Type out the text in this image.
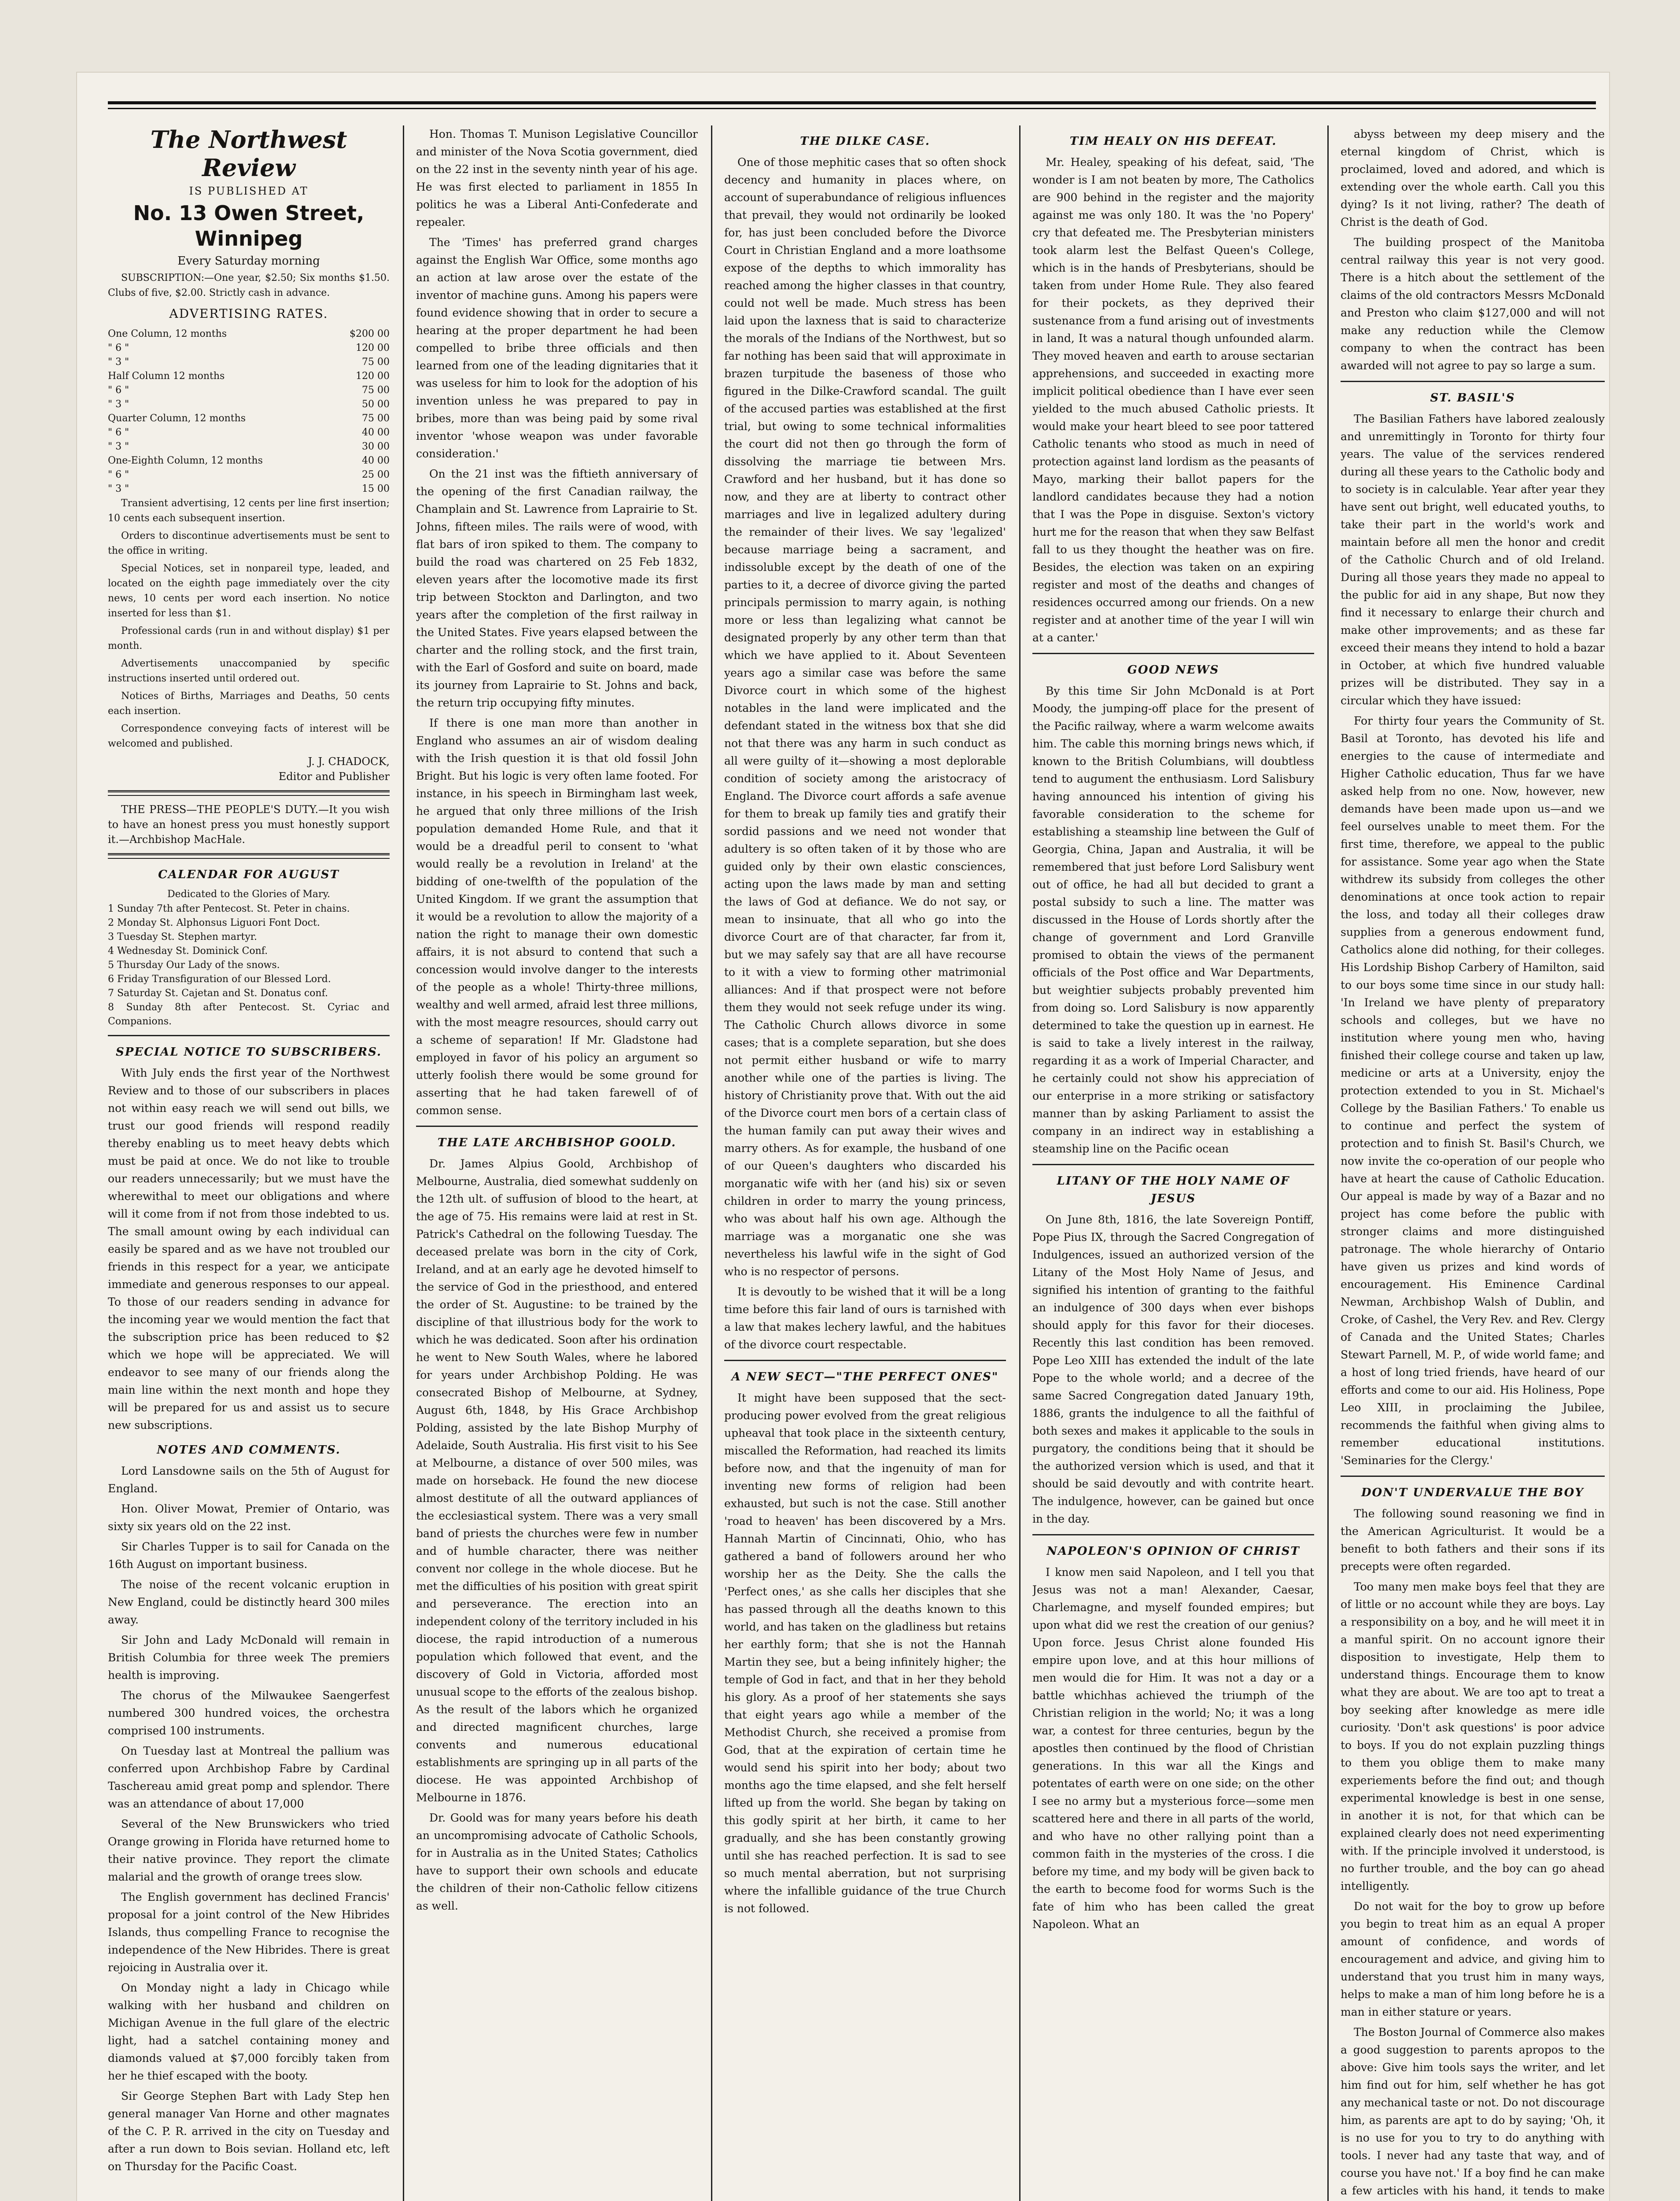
The Northwest Review
IS PUBLISHED AT
No. 13 Owen Street, Winnipeg
Every Saturday morning

SUBSCRIPTION:—One year, $2.50; Six months $1.50. Clubs of five, $2.00. Strictly cash in advance.

ADVERTISING RATES.
One Column, 12 months	$200 00
" 6 "	120 00
" 3 "	75 00
Half Column 12 months	120 00
" 6 "	75 00
" 3 "	50 00
Quarter Column, 12 months	75 00
" 6 "	40 00
" 3 "	30 00
One-Eighth Column, 12 months	40 00
" 6 "	25 00
" 3 "	15 00

Transient advertising, 12 cents per line first insertion; 10 cents each subsequent insertion.

Orders to discontinue advertisements must be sent to the office in writing.

Special Notices, set in nonpareil type, leaded, and located on the eighth page immediately over the city news, 10 cents per word each insertion. No notice inserted for less than $1.

Professional cards (run in and without display) $1 per month.

Advertisements unaccompanied by specific instructions inserted until ordered out.

Notices of Births, Marriages and Deaths, 50 cents each insertion.

Correspondence conveying facts of interest will be welcomed and published.

J. J. CHADOCK,
Editor and Publisher

THE PRESS—THE PEOPLE'S DUTY.—It you wish to have an honest press you must honestly support it.—Archbishop MacHale.

CALENDAR FOR AUGUST
Dedicated to the Glories of Mary.
1 Sunday 7th after Pentecost. St. Peter in chains.
2 Monday St. Alphonsus Liguori Font Doct.
3 Tuesday St. Stephen martyr.
4 Wednesday St. Dominick Conf.
5 Thursday Our Lady of the snows.
6 Friday Transfiguration of our Blessed Lord.
7 Saturday St. Cajetan and St. Donatus conf.
8 Sunday 8th after Pentecost. St. Cyriac and Companions.
SPECIAL NOTICE TO SUBSCRIBERS.

With July ends the first year of the Northwest Review and to those of our subscribers in places not within easy reach we will send out bills, we trust our good friends will respond readily thereby enabling us to meet heavy debts which must be paid at once. We do not like to trouble our readers unnecessarily; but we must have the wherewithal to meet our obligations and where will it come from if not from those indebted to us. The small amount owing by each individual can easily be spared and as we have not troubled our friends in this respect for a year, we anticipate immediate and generous responses to our appeal. To those of our readers sending in advance for the incoming year we would mention the fact that the subscription price has been reduced to $2 which we hope will be appreciated. We will endeavor to see many of our friends along the main line within the next month and hope they will be prepared for us and assist us to secure new subscriptions.

NOTES AND COMMENTS.

Lord Lansdowne sails on the 5th of August for England.

Hon. Oliver Mowat, Premier of Ontario, was sixty six years old on the 22 inst.

Sir Charles Tupper is to sail for Canada on the 16th August on important business.

The noise of the recent volcanic eruption in New England, could be distinctly heard 300 miles away.

Sir John and Lady McDonald will remain in British Columbia for three week The premiers health is improving.

The chorus of the Milwaukee Saengerfest numbered 300 hundred voices, the orchestra comprised 100 instruments.

On Tuesday last at Montreal the pallium was conferred upon Archbishop Fabre by Cardinal Taschereau amid great pomp and splendor. There was an attendance of about 17,000

Several of the New Brunswickers who tried Orange growing in Florida have returned home to their native province. They report the climate malarial and the growth of orange trees slow.

The English government has declined Francis' proposal for a joint control of the New Hibrides Islands, thus compelling France to recognise the independence of the New Hibrides. There is great rejoicing in Australia over it.

On Monday night a lady in Chicago while walking with her husband and children on Michigan Avenue in the full glare of the electric light, had a satchel containing money and diamonds valued at $7,000 forcibly taken from her he thief escaped with the booty.

Sir George Stephen Bart with Lady Step hen general manager Van Horne and other magnates of the C. P. R. arrived in the city on Tuesday and after a run down to Bois sevian. Holland etc, left on Thursday for the Pacific Coast.

Hon. Thomas T. Munison Legislative Councillor and minister of the Nova Scotia government, died on the 22 inst in the seventy ninth year of his age. He was first elected to parliament in 1855 In politics he was a Liberal Anti-Confederate and repealer.

The 'Times' has preferred grand charges against the English War Office, some months ago an action at law arose over the estate of the inventor of machine guns. Among his papers were found evidence showing that in order to secure a hearing at the proper department he had been compelled to bribe three officials and then learned from one of the leading dignitaries that it was useless for him to look for the adoption of his invention unless he was prepared to pay in bribes, more than was being paid by some rival inventor 'whose weapon was under favorable consideration.'

On the 21 inst was the fiftieth anniversary of the opening of the first Canadian railway, the Champlain and St. Lawrence from Laprairie to St. Johns, fifteen miles. The rails were of wood, with flat bars of iron spiked to them. The company to build the road was chartered on 25 Feb 1832, eleven years after the locomotive made its first trip between Stockton and Darlington, and two years after the completion of the first railway in the United States. Five years elapsed between the charter and the rolling stock, and the first train, with the Earl of Gosford and suite on board, made its journey from Laprairie to St. Johns and back, the return trip occupying fifty minutes.

If there is one man more than another in England who assumes an air of wisdom dealing with the Irish question it is that old fossil John Bright. But his logic is very often lame footed. For instance, in his speech in Birmingham last week, he argued that only three millions of the Irish population demanded Home Rule, and that it would be a dreadful peril to consent to 'what would really be a revolution in Ireland' at the bidding of one-twelfth of the population of the United Kingdom. If we grant the assumption that it would be a revolution to allow the majority of a nation the right to manage their own domestic affairs, it is not absurd to contend that such a concession would involve danger to the interests of the people as a whole! Thirty-three millions, wealthy and well armed, afraid lest three millions, with the most meagre resources, should carry out a scheme of separation! If Mr. Gladstone had employed in favor of his policy an argument so utterly foolish there would be some ground for asserting that he had taken farewell of of common sense.

THE LATE ARCHBISHOP GOOLD.

Dr. James Alpius Goold, Archbishop of Melbourne, Australia, died somewhat suddenly on the 12th ult. of suffusion of blood to the heart, at the age of 75. His remains were laid at rest in St. Patrick's Cathedral on the following Tuesday. The deceased prelate was born in the city of Cork, Ireland, and at an early age he devoted himself to the service of God in the priesthood, and entered the order of St. Augustine: to be trained by the discipline of that illustrious body for the work to which he was dedicated. Soon after his ordination he went to New South Wales, where he labored for years under Archbishop Polding. He was consecrated Bishop of Melbourne, at Sydney, August 6th, 1848, by His Grace Archbishop Polding, assisted by the late Bishop Murphy of Adelaide, South Australia. His first visit to his See at Melbourne, a distance of over 500 miles, was made on horseback. He found the new diocese almost destitute of all the outward appliances of the ecclesiastical system. There was a very small band of priests the churches were few in number and of humble character, there was neither convent nor college in the whole diocese. But he met the difficulties of his position with great spirit and perseverance. The erection into an independent colony of the territory included in his diocese, the rapid introduction of a numerous population which followed that event, and the discovery of Gold in Victoria, afforded most unusual scope to the efforts of the zealous bishop. As the result of the labors which he organized and directed magnificent churches, large convents and numerous educational establishments are springing up in all parts of the diocese. He was appointed Archbishop of Melbourne in 1876.

Dr. Goold was for many years before his death an uncompromising advocate of Catholic Schools, for in Australia as in the United States; Catholics have to support their own schools and educate the children of their non-Catholic fellow citizens as well.

THE DILKE CASE.

One of those mephitic cases that so often shock decency and humanity in places where, on account of superabundance of religious influences that prevail, they would not ordinarily be looked for, has just been concluded before the Divorce Court in Christian England and a more loathsome expose of the depths to which immorality has reached among the higher classes in that country, could not well be made. Much stress has been laid upon the laxness that is said to characterize the morals of the Indians of the Northwest, but so far nothing has been said that will approximate in brazen turpitude the baseness of those who figured in the Dilke-Crawford scandal. The guilt of the accused parties was established at the first trial, but owing to some technical informalities the court did not then go through the form of dissolving the marriage tie between Mrs. Crawford and her husband, but it has done so now, and they are at liberty to contract other marriages and live in legalized adultery during the remainder of their lives. We say 'legalized' because marriage being a sacrament, and indissoluble except by the death of one of the parties to it, a decree of divorce giving the parted principals permission to marry again, is nothing more or less than legalizing what cannot be designated properly by any other term than that which we have applied to it. About Seventeen years ago a similar case was before the same Divorce court in which some of the highest notables in the land were implicated and the defendant stated in the witness box that she did not that there was any harm in such conduct as all were guilty of it—showing a most deplorable condition of society among the aristocracy of England. The Divorce court affords a safe avenue for them to break up family ties and gratify their sordid passions and we need not wonder that adultery is so often taken of it by those who are guided only by their own elastic consciences, acting upon the laws made by man and setting the laws of God at defiance. We do not say, or mean to insinuate, that all who go into the divorce Court are of that character, far from it, but we may safely say that are all have recourse to it with a view to forming other matrimonial alliances: And if that prospect were not before them they would not seek refuge under its wing. The Catholic Church allows divorce in some cases; that is a complete separation, but she does not permit either husband or wife to marry another while one of the parties is living. The history of Christianity prove that. With out the aid of the Divorce court men bors of a certain class of the human family can put away their wives and marry others. As for example, the husband of one of our Queen's daughters who discarded his morganatic wife with her (and his) six or seven children in order to marry the young princess, who was about half his own age. Although the marriage was a morganatic one she was nevertheless his lawful wife in the sight of God who is no respector of persons.

It is devoutly to be wished that it will be a long time before this fair land of ours is tarnished with a law that makes lechery lawful, and the habitues of the divorce court respectable.

A NEW SECT—"THE PERFECT ONES"

It might have been supposed that the sect-producing power evolved from the great religious upheaval that took place in the sixteenth century, miscalled the Reformation, had reached its limits before now, and that the ingenuity of man for inventing new forms of religion had been exhausted, but such is not the case. Still another 'road to heaven' has been discovered by a Mrs. Hannah Martin of Cincinnati, Ohio, who has gathered a band of followers around her who worship her as the Deity. She the calls the 'Perfect ones,' as she calls her disciples that she has passed through all the deaths known to this world, and has taken on the gladliness but retains her earthly form; that she is not the Hannah Martin they see, but a being infinitely higher; the temple of God in fact, and that in her they behold his glory. As a proof of her statements she says that eight years ago while a member of the Methodist Church, she received a promise from God, that at the expiration of certain time he would send his spirit into her body; about two months ago the time elapsed, and she felt herself lifted up from the world. She began by taking on this godly spirit at her birth, it came to her gradually, and she has been constantly growing until she has reached perfection. It is sad to see so much mental aberration, but not surprising where the infallible guidance of the true Church is not followed.

TIM HEALY ON HIS DEFEAT.

Mr. Healey, speaking of his defeat, said, 'The wonder is I am not beaten by more, The Catholics are 900 behind in the register and the majority against me was only 180. It was the 'no Popery' cry that defeated me. The Presbyterian ministers took alarm lest the Belfast Queen's College, which is in the hands of Presbyterians, should be taken from under Home Rule. They also feared for their pockets, as they deprived their sustenance from a fund arising out of investments in land, It was a natural though unfounded alarm. They moved heaven and earth to arouse sectarian apprehensions, and succeeded in exacting more implicit political obedience than I have ever seen yielded to the much abused Catholic priests. It would make your heart bleed to see poor tattered Catholic tenants who stood as much in need of protection against land lordism as the peasants of Mayo, marking their ballot papers for the landlord candidates because they had a notion that I was the Pope in disguise. Sexton's victory hurt me for the reason that when they saw Belfast fall to us they thought the heather was on fire. Besides, the election was taken on an expiring register and most of the deaths and changes of residences occurred among our friends. On a new register and at another time of the year I will win at a canter.'

GOOD NEWS

By this time Sir John McDonald is at Port Moody, the jumping-off place for the present of the Pacific railway, where a warm welcome awaits him. The cable this morning brings news which, if known to the British Columbians, will doubtless tend to augument the enthusiasm. Lord Salisbury having announced his intention of giving his favorable consideration to the scheme for establishing a steamship line between the Gulf of Georgia, China, Japan and Australia, it will be remembered that just before Lord Salisbury went out of office, he had all but decided to grant a postal subsidy to such a line. The matter was discussed in the House of Lords shortly after the change of government and Lord Granville promised to obtain the views of the permanent officials of the Post office and War Departments, but weightier subjects probably prevented him from doing so. Lord Salisbury is now apparently determined to take the question up in earnest. He is said to take a lively interest in the railway, regarding it as a work of Imperial Character, and he certainly could not show his appreciation of our enterprise in a more striking or satisfactory manner than by asking Parliament to assist the company in an indirect way in establishing a steamship line on the Pacific ocean

LITANY OF THE HOLY NAME OF JESUS

On June 8th, 1816, the late Sovereign Pontiff, Pope Pius IX, through the Sacred Congregation of Indulgences, issued an authorized version of the Litany of the Most Holy Name of Jesus, and signified his intention of granting to the faithful an indulgence of 300 days when ever bishops should apply for this favor for their dioceses. Recently this last condition has been removed. Pope Leo XIII has extended the indult of the late Pope to the whole world; and a decree of the same Sacred Congregation dated January 19th, 1886, grants the indulgence to all the faithful of both sexes and makes it applicable to the souls in purgatory, the conditions being that it should be the authorized version which is used, and that it should be said devoutly and with contrite heart. The indulgence, however, can be gained but once in the day.

NAPOLEON'S OPINION OF CHRIST

I know men said Napoleon, and I tell you that Jesus was not a man! Alexander, Caesar, Charlemagne, and myself founded empires; but upon what did we rest the creation of our genius? Upon force. Jesus Christ alone founded His empire upon love, and at this hour millions of men would die for Him. It was not a day or a battle whichhas achieved the triumph of the Christian religion in the world; No; it was a long war, a contest for three centuries, begun by the apostles then continued by the flood of Christian generations. In this war all the Kings and potentates of earth were on one side; on the other I see no army but a mysterious force—some men scattered here and there in all parts of the world, and who have no other rallying point than a common faith in the mysteries of the cross. I die before my time, and my body will be given back to the earth to become food for worms Such is the fate of him who has been called the great Napoleon. What an

abyss between my deep misery and the eternal kingdom of Christ, which is proclaimed, loved and adored, and which is extending over the whole earth. Call you this dying? Is it not living, rather? The death of Christ is the death of God.

The building prospect of the Manitoba central railway this year is not very good. There is a hitch about the settlement of the claims of the old contractors Messrs McDonald and Preston who claim $127,000 and will not make any reduction while the Clemow company to when the contract has been awarded will not agree to pay so large a sum.

ST. BASIL'S

The Basilian Fathers have labored zealously and unremittingly in Toronto for thirty four years. The value of the services rendered during all these years to the Catholic body and to society is in calculable. Year after year they have sent out bright, well educated youths, to take their part in the world's work and maintain before all men the honor and credit of the Catholic Church and of old Ireland. During all those years they made no appeal to the public for aid in any shape, But now they find it necessary to enlarge their church and make other improvements; and as these far exceed their means they intend to hold a bazar in October, at which five hundred valuable prizes will be distributed. They say in a circular which they have issued:

For thirty four years the Community of St. Basil at Toronto, has devoted his life and energies to the cause of intermediate and Higher Catholic education, Thus far we have asked help from no one. Now, however, new demands have been made upon us—and we feel ourselves unable to meet them. For the first time, therefore, we appeal to the public for assistance. Some year ago when the State withdrew its subsidy from colleges the other denominations at once took action to repair the loss, and today all their colleges draw supplies from a generous endowment fund, Catholics alone did nothing, for their colleges. His Lordship Bishop Carbery of Hamilton, said to our boys some time since in our study hall: 'In Ireland we have plenty of preparatory schools and colleges, but we have no institution where young men who, having finished their college course and taken up law, medicine or arts at a University, enjoy the protection extended to you in St. Michael's College by the Basilian Fathers.' To enable us to continue and perfect the system of protection and to finish St. Basil's Church, we now invite the co-operation of our people who have at heart the cause of Catholic Education. Our appeal is made by way of a Bazar and no project has come before the public with stronger claims and more distinguished patronage. The whole hierarchy of Ontario have given us prizes and kind words of encouragement. His Eminence Cardinal Newman, Archbishop Walsh of Dublin, and Croke, of Cashel, the Very Rev. and Rev. Clergy of Canada and the United States; Charles Stewart Parnell, M. P., of wide world fame; and a host of long tried friends, have heard of our efforts and come to our aid. His Holiness, Pope Leo XIII, in proclaiming the Jubilee, recommends the faithful when giving alms to remember educational institutions. 'Seminaries for the Clergy.'

DON'T UNDERVALUE THE BOY

The following sound reasoning we find in the American Agriculturist. It would be a benefit to both fathers and their sons if its precepts were often regarded.

Too many men make boys feel that they are of little or no account while they are boys. Lay a responsibility on a boy, and he will meet it in a manful spirit. On no account ignore their disposition to investigate, Help them to understand things. Encourage them to know what they are about. We are too apt to treat a boy seeking after knowledge as mere idle curiosity. 'Don't ask questions' is poor advice to boys. If you do not explain puzzling things to them you oblige them to make many experiements before the find out; and though experimental knowledge is best in one sense, in another it is not, for that which can be explained clearly does not need experimenting with. If the principle involved it understood, is no further trouble, and the boy can go ahead intelligently.

Do not wait for the boy to grow up before you begin to treat him as an equal A proper amount of confidence, and words of encouragement and advice, and giving him to understand that you trust him in many ways, helps to make a man of him long before he is a man in either stature or years.

The Boston Journal of Commerce also makes a good suggestion to parents apropos to the above: Give him tools says the writer, and let him find out for him, self whether he has got any mechanical taste or not. Do not discourage him, as parents are apt to do by saying; 'Oh, it is no use for you to try to do anything with tools. I never had any taste that way, and of course you have not.' If a boy find he can make a few articles with his hand, it tends to make
